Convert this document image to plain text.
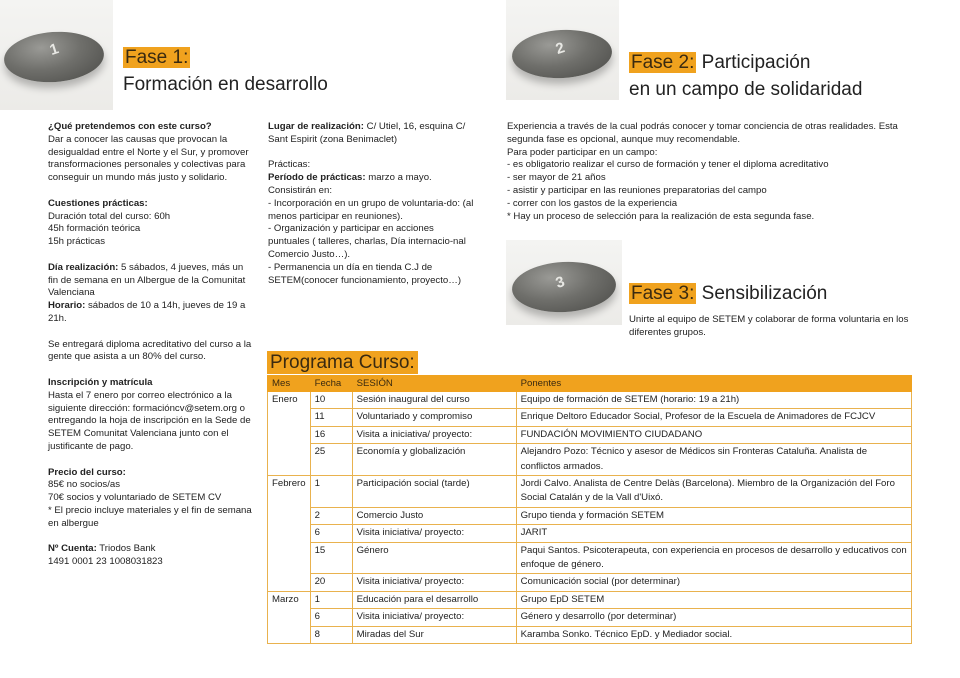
1	Fase 1:
Formación en desarrollo
2
Fase 2: Participación
en un campo de solidaridad
3
Fase 3: Sensibilización

¿Qué pretendemos con este curso?
Dar a conocer las causas que provocan la desigualdad entre el Norte y el Sur, y promover transformaciones personales y colectivas para conseguir un mundo más justo y solidario.

Cuestiones prácticas:
Duración total del curso: 60h
45h formación teórica
15h prácticas

Día realización: 5 sábados, 4 jueves, más un fin de semana en un Albergue de la Comunitat Valenciana
Horario: sábados de 10 a 14h, jueves de 19 a 21h.

Se entregará diploma acreditativo del curso a la gente que asista a un 80% del curso.

Inscripción y matrícula
Hasta el 7 enero por correo electrónico a la siguiente dirección: formacióncv@setem.org o entregando la hoja de inscripción en la Sede de SETEM Comunitat Valenciana junto con el justificante de pago.

Precio del curso:
85€ no socios/as
70€ socios y voluntariado de SETEM CV
* El precio incluye materiales y el fin de semana en albergue

Nº Cuenta: Triodos Bank
1491 0001 23 1008031823

Lugar de realización: C/ Utiel, 16, esquina C/ Sant Espirit (zona Benimaclet)

Prácticas:
Período de prácticas: marzo a mayo.

Consistirán en:
- Incorporación en un grupo de voluntaria-do: (al menos participar en reuniones).
- Organización y participar en acciones puntuales ( talleres, charlas, Día internacio-nal Comercio Justo…).
- Permanencia un día en tienda C.J de SETEM(conocer funcionamiento, proyecto…)

Experiencia a través de la cual podrás conocer y tomar conciencia de otras realidades. Esta segunda fase es opcional, aunque muy recomendable.
Para poder participar en un campo:
- es obligatorio realizar el curso de formación y tener el diploma acreditativo
- ser mayor de 21 años
- asistir y participar en las reuniones preparatorias del campo
- correr con los gastos de la experiencia
* Hay un proceso de selección para la realización de esta segunda fase.
Unirte al equipo de SETEM y colaborar de forma voluntaria en los diferentes grupos.
Programa Curso:
Mes	Fecha	SESIÓN	Ponentes
Enero	10	Sesión inaugural del curso	Equipo de formación de SETEM (horario: 19 a 21h)
	11	Voluntariado y compromiso	Enrique Deltoro Educador Social, Profesor de la Escuela de Animadores de FCJCV
	16	Visita a iniciativa/ proyecto:	FUNDACIÓN MOVIMIENTO CIUDADANO
	25	Economía y globalización	Alejandro Pozo: Técnico y asesor de Médicos sin Fronteras Cataluña. Analista de conflictos armados.
Febrero	1	Participación social (tarde)	Jordi Calvo. Analista de Centre Delàs (Barcelona). Miembro de la Organización del Foro Social Catalán y de la Vall d'Uixó.
	2	Comercio Justo	Grupo tienda y formación SETEM
	6	Visita iniciativa/ proyecto:	JARIT
	15	Género	Paqui Santos. Psicoterapeuta, con experiencia en procesos de desarrollo y educativos con enfoque de género.
	20	Visita iniciativa/ proyecto:	Comunicación social (por determinar)
Marzo	1	Educación para el desarrollo	Grupo EpD SETEM
	6	Visita iniciativa/ proyecto:	Género y desarrollo (por determinar)
	8	Miradas del Sur	Karamba Sonko. Técnico EpD. y Mediador social.
